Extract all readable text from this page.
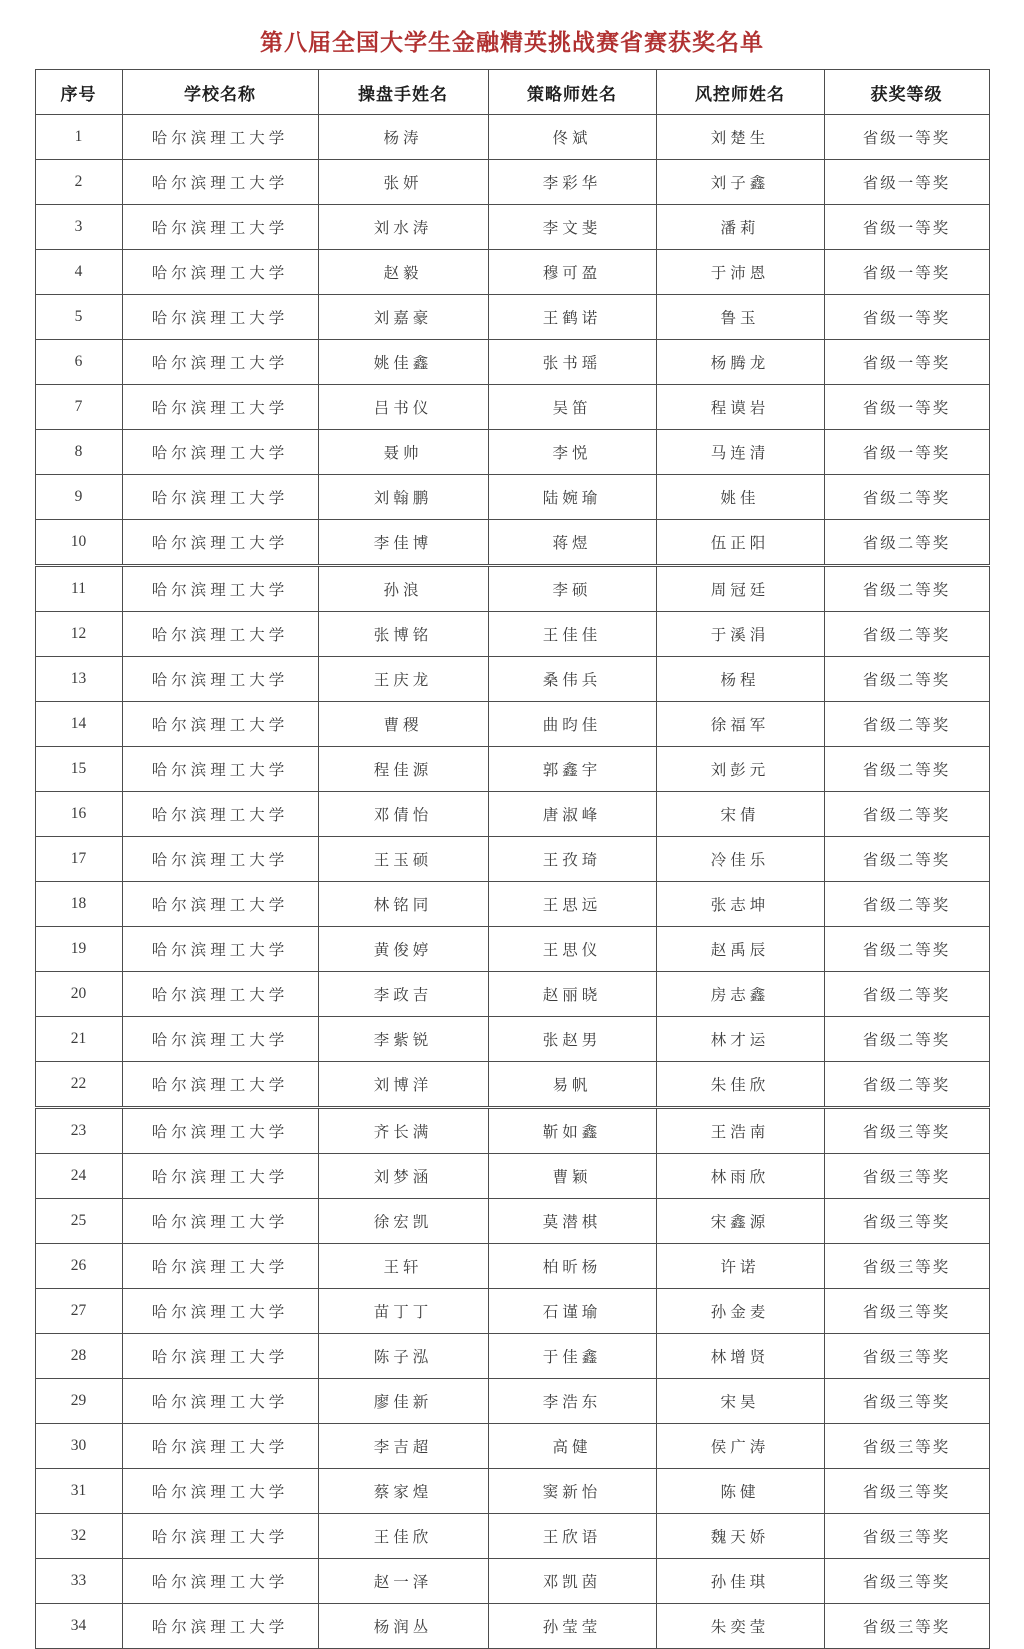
第八届全国大学生金融精英挑战赛省赛获奖名单
序号	学校名称	操盘手姓名	策略师姓名	风控师姓名	获奖等级
1	哈尔滨理工大学	杨涛	佟斌	刘楚生	省级一等奖
2	哈尔滨理工大学	张妍	李彩华	刘子鑫	省级一等奖
3	哈尔滨理工大学	刘水涛	李文斐	潘莉	省级一等奖
4	哈尔滨理工大学	赵毅	穆可盈	于沛恩	省级一等奖
5	哈尔滨理工大学	刘嘉豪	王鹤诺	鲁玉	省级一等奖
6	哈尔滨理工大学	姚佳鑫	张书瑶	杨腾龙	省级一等奖
7	哈尔滨理工大学	吕书仪	吴笛	程谟岩	省级一等奖
8	哈尔滨理工大学	聂帅	李悦	马连清	省级一等奖
9	哈尔滨理工大学	刘翰鹏	陆婉瑜	姚佳	省级二等奖
10	哈尔滨理工大学	李佳博	蒋煜	伍正阳	省级二等奖
11	哈尔滨理工大学	孙浪	李硕	周冠廷	省级二等奖
12	哈尔滨理工大学	张博铭	王佳佳	于溪涓	省级二等奖
13	哈尔滨理工大学	王庆龙	桑伟兵	杨程	省级二等奖
14	哈尔滨理工大学	曹稷	曲昀佳	徐福军	省级二等奖
15	哈尔滨理工大学	程佳源	郭鑫宇	刘彭元	省级二等奖
16	哈尔滨理工大学	邓倩怡	唐淑峰	宋倩	省级二等奖
17	哈尔滨理工大学	王玉硕	王孜琦	冷佳乐	省级二等奖
18	哈尔滨理工大学	林铭同	王思远	张志坤	省级二等奖
19	哈尔滨理工大学	黄俊婷	王思仪	赵禹辰	省级二等奖
20	哈尔滨理工大学	李政吉	赵丽晓	房志鑫	省级二等奖
21	哈尔滨理工大学	李紫锐	张赵男	林才运	省级二等奖
22	哈尔滨理工大学	刘博洋	易帆	朱佳欣	省级二等奖
23	哈尔滨理工大学	齐长满	靳如鑫	王浩南	省级三等奖
24	哈尔滨理工大学	刘梦涵	曹颖	林雨欣	省级三等奖
25	哈尔滨理工大学	徐宏凯	莫潜棋	宋鑫源	省级三等奖
26	哈尔滨理工大学	王轩	柏昕杨	许诺	省级三等奖
27	哈尔滨理工大学	苗丁丁	石谨瑜	孙金麦	省级三等奖
28	哈尔滨理工大学	陈子泓	于佳鑫	林增贤	省级三等奖
29	哈尔滨理工大学	廖佳新	李浩东	宋昊	省级三等奖
30	哈尔滨理工大学	李吉超	高健	侯广涛	省级三等奖
31	哈尔滨理工大学	蔡家煌	窦新怡	陈健	省级三等奖
32	哈尔滨理工大学	王佳欣	王欣语	魏天娇	省级三等奖
33	哈尔滨理工大学	赵一泽	邓凯茵	孙佳琪	省级三等奖
34	哈尔滨理工大学	杨润丛	孙莹莹	朱奕莹	省级三等奖
